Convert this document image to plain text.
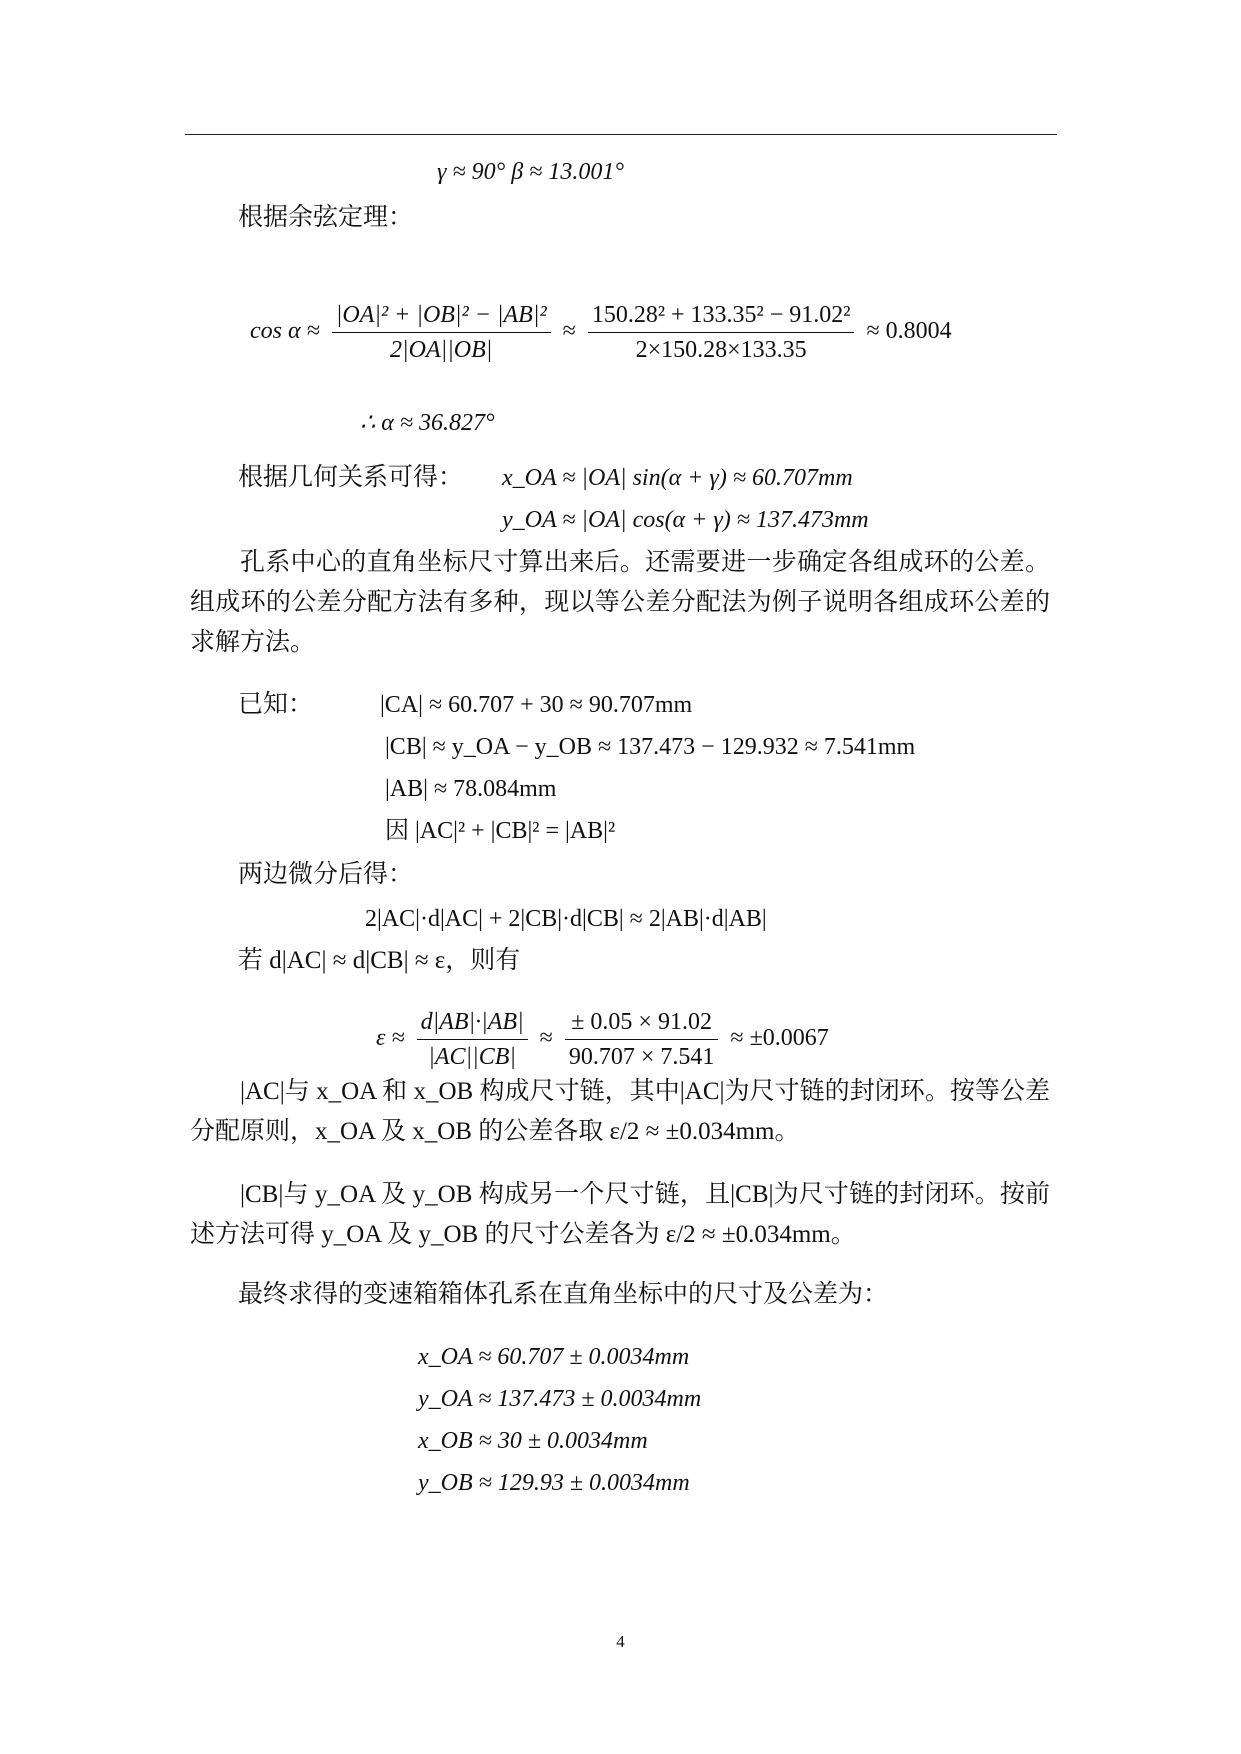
γ ≈ 90° β ≈ 13.001°
根据余弦定理：
$\cos \alpha \approx \frac{\text{|OA|² + |OB|² − |AB|²}}{2|OA||OB|} \approx \frac{\text{150.28² + 133.35² − 91.02²}}{2\times 150.28\times 133.35} \approx 0.8004$
∴ α ≈ 36.827°
根据几何关系可得： x_OA ≈ |OA| sin(α + γ) ≈ 60.707mm
y_OA ≈ |OA| cos(α + γ) ≈ 137.473mm
孔系中心的直角坐标尺寸算出来后。还需要进一步确定各组成环的公差。组成环的公差分配方法有多种，现以等公差分配法为例子说明各组成环公差的求解方法。
已知：	|CA| ≈ 60.707 + 30 ≈ 90.707mm
|CB| ≈ y_OA − y_OB ≈ 137.473 − 129.932 ≈ 7.541mm
|AB| ≈ 78.084mm
因 |AC|² + |CB|² = |AB|²
两边微分后得：
2|AC|·d|AC| + 2|CB|·d|CB| ≈ 2|AB|·d|AB|
若 d|AC| ≈ d|CB| ≈ ε，则有
$\varepsilon \approx \frac{d|AB|\cdot|AB|}{|AC||CB|} \approx \frac{\pm 0.05 \times 91.02}{90.707 \times 7.541} \approx \pm 0.0067$
|AC|与 x_OA 和 x_OB 构成尺寸链，其中|AC|为尺寸链的封闭环。按等公差分配原则，x_OA 及 x_OB 的公差各取 ε/2 ≈ ±0.034mm。
|CB|与 y_OA 及 y_OB 构成另一个尺寸链，且|CB|为尺寸链的封闭环。按前述方法可得 y_OA 及 y_OB 的尺寸公差各为 ε/2 ≈ ±0.034mm。
最终求得的变速箱箱体孔系在直角坐标中的尺寸及公差为：
x_OA ≈ 60.707 ± 0.0034mm
y_OA ≈ 137.473 ± 0.0034mm
x_OB ≈ 30 ± 0.0034mm
y_OB ≈ 129.93 ± 0.0034mm
4
